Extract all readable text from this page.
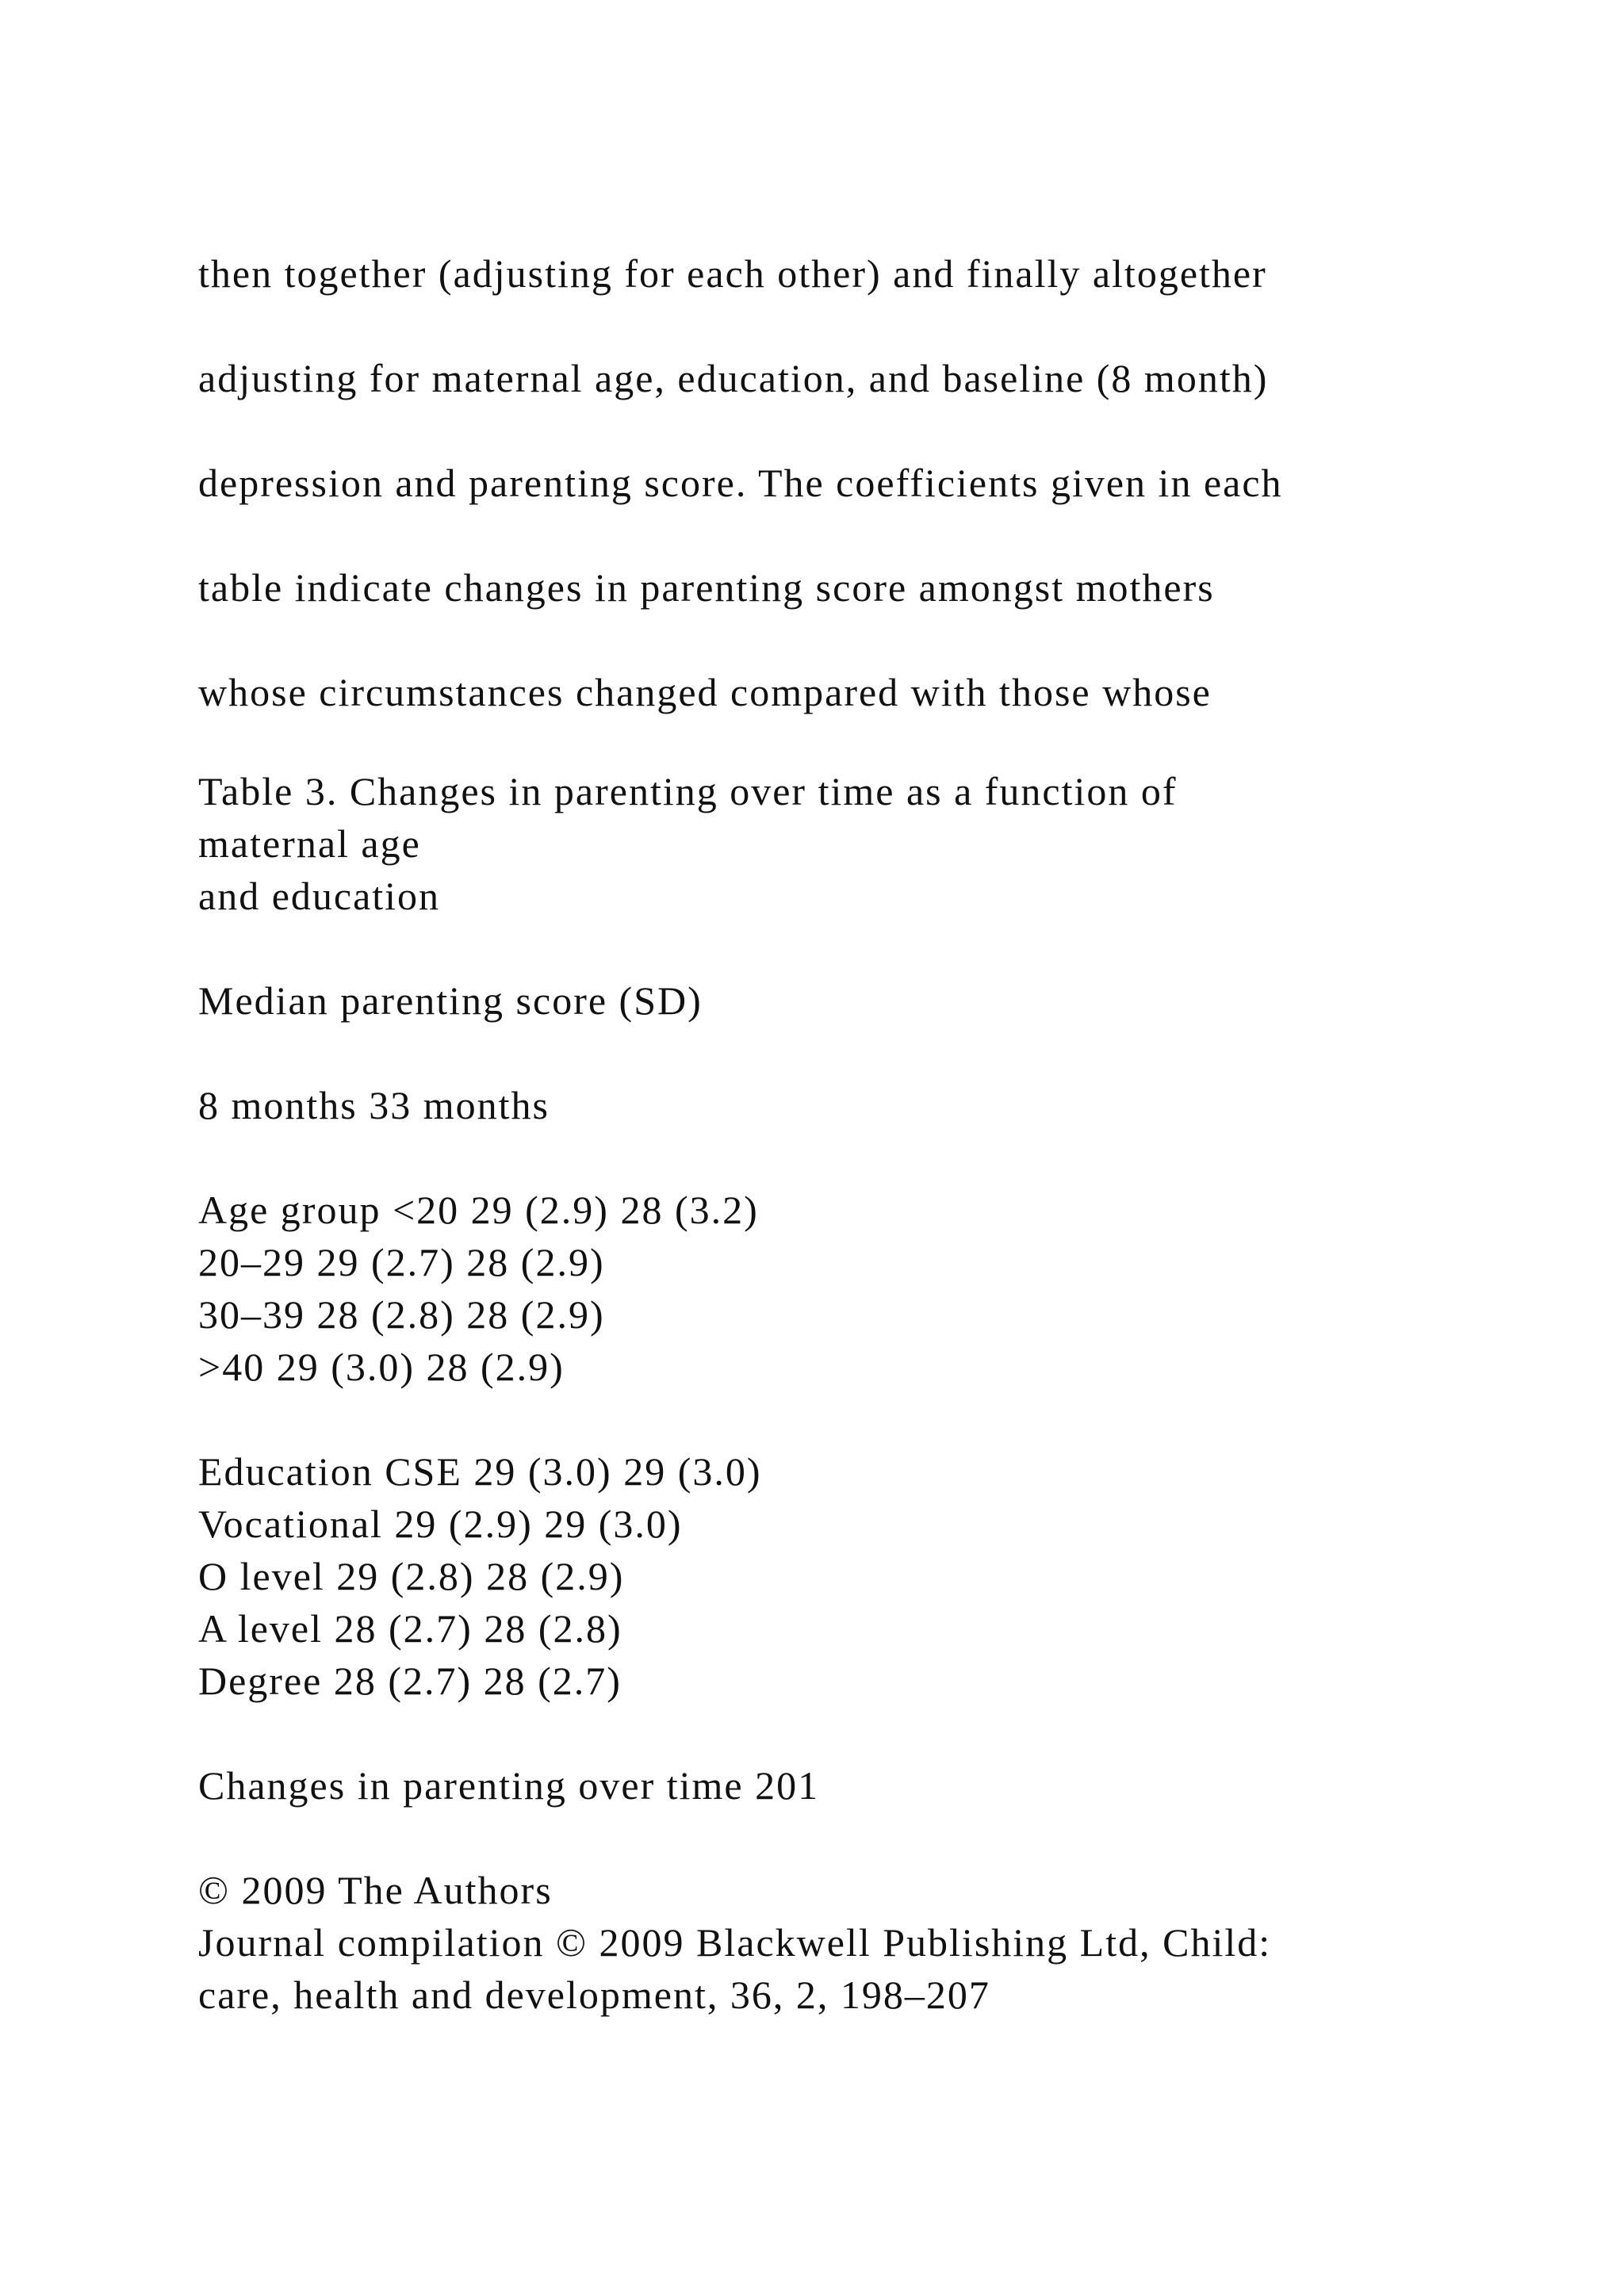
then together (adjusting for each other) and finally altogether
adjusting for maternal age, education, and baseline (8 month)
depression and parenting score. The coefficients given in each
table indicate changes in parenting score amongst mothers
whose circumstances changed compared with those whose
Table 3. Changes in parenting over time as a function of
maternal age
and education
Median parenting score (SD)
8 months 33 months
Age group <20 29 (2.9) 28 (3.2)
20–29 29 (2.7) 28 (2.9)
30–39 28 (2.8) 28 (2.9)
>40 29 (3.0) 28 (2.9)
Education CSE 29 (3.0) 29 (3.0)
Vocational 29 (2.9) 29 (3.0)
O level 29 (2.8) 28 (2.9)
A level 28 (2.7) 28 (2.8)
Degree 28 (2.7) 28 (2.7)
Changes in parenting over time 201
© 2009 The Authors
Journal compilation © 2009 Blackwell Publishing Ltd, Child:
care, health and development, 36, 2, 198–207
